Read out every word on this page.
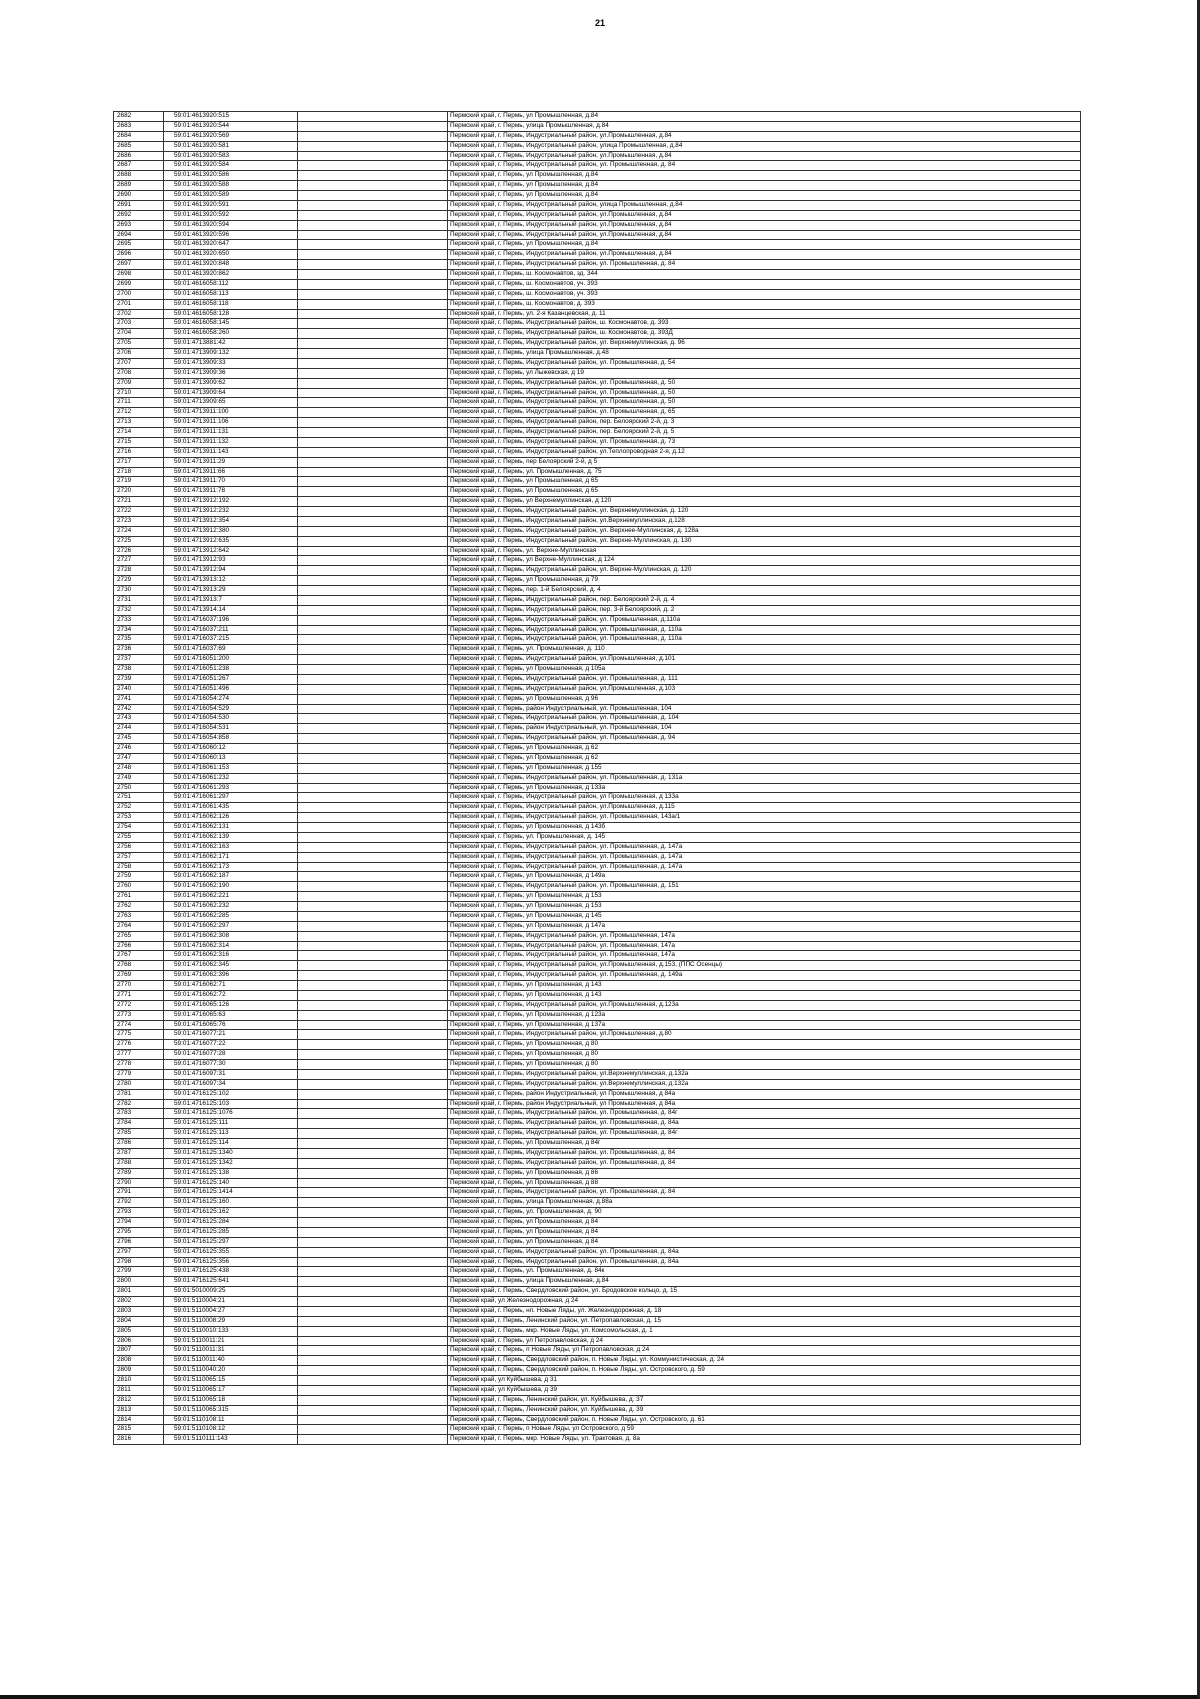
21
2682	59:01:4613920:515		Пермский край, г. Пермь, ул Промышленная, д.84
2683	59:01:4613920:544		Пермский край, г. Пермь, улица Промышленная, д.84
2684	59:01:4613920:569		Пермский край, г. Пермь, Индустриальный район, ул.Промышленная, д.84
2685	59:01:4613920:581		Пермский край, г. Пермь, Индустриальный район, улица Промышленная, д.84
2686	59:01:4613920:583		Пермский край, г. Пермь, Индустриальный район, ул.Промышленная, д.84
2687	59:01:4613920:584		Пермский край, г. Пермь, Индустриальный район, ул. Промышленная, д. 84
2688	59:01:4613920:586		Пермский край, г. Пермь, ул Промышленная, д.84
2689	59:01:4613920:588		Пермский край, г. Пермь, ул Промышленная, д.84
2690	59:01:4613920:589		Пермский край, г. Пермь, ул Промышленная, д.84
2691	59:01:4613920:591		Пермский край, г. Пермь, Индустриальный район, улица Промышленная, д.84
2692	59:01:4613920:592		Пермский край, г. Пермь, Индустриальный район, ул.Промышленная, д.84
2693	59:01:4613920:594		Пермский край, г. Пермь, Индустриальный район, ул.Промышленная, д.84
2694	59:01:4613920:596		Пермский край, г. Пермь, Индустриальный район, ул.Промышленная, д.84
2695	59:01:4613920:647		Пермский край, г. Пермь, ул Промышленная, д.84
2696	59:01:4613920:650		Пермский край, г. Пермь, Индустриальный район, ул.Промышленная, д.84
2697	59:01:4613920:848		Пермский край, г. Пермь, Индустриальный район, ул. Промышленная, д. 84
2698	59:01:4613920:862		Пермский край, г. Пермь, ш. Космонавтов, зд. 344
2699	59:01:4616058:112		Пермский край, г. Пермь, ш. Космонавтов, уч. 393
2700	59:01:4616058:113		Пермский край, г. Пермь, ш. Космонавтов, уч. 393
2701	59:01:4616058:118		Пермский край, г. Пермь, ш. Космонавтов, д. 393
2702	59:01:4616058:128		Пермский край, г. Пермь, ул. 2-я Казанцевская, д. 11
2703	59:01:4616058:145		Пермский край, г. Пермь, Индустриальный район, ш. Космонавтов, д. 393
2704	59:01:4616058:260		Пермский край, г. Пермь, Индустриальный район, ш. Космонавтов, д. 393Д
2705	59:01:4713881:42		Пермский край, г. Пермь, Индустриальный район, ул. Верхнемуллинская, д. 96
2706	59:01:4713909:132		Пермский край, г. Пермь, улица Промышленная, д.48
2707	59:01:4713909:33		Пермский край, г. Пермь, Индустриальный район, ул. Промышленная, д. 54
2708	59:01:4713909:36		Пермский край, г. Пермь, ул Лыжевская, д 19
2709	59:01:4713909:62		Пермский край, г. Пермь, Индустриальный район, ул. Промышленная, д. 50
2710	59:01:4713909:64		Пермский край, г. Пермь, Индустриальный район, ул. Промышленная, д. 50
2711	59:01:4713909:65		Пермский край, г. Пермь, Индустриальный район, ул. Промышленная, д. 50
2712	59:01:4713911:100		Пермский край, г. Пермь, Индустриальный район, ул. Промышленная, д. 65
2713	59:01:4713911:106		Пермский край, г. Пермь, Индустриальный район, пер. Белоярский 2-й, д. 3
2714	59:01:4713911:131		Пермский край, г. Пермь, Индустриальный район, пер. Белоярский 2-й, д. 5
2715	59:01:4713911:132		Пермский край, г. Пермь, Индустриальный район, ул. Промышленная, д. 73
2716	59:01:4713911:143		Пермский край, г. Пермь, Индустриальный район, ул.Теплопроводная 2-я, д.12
2717	59:01:4713911:29		Пермский край, г. Пермь, пер Белоярский 2-й, д 5
2718	59:01:4713911:66		Пермский край, г. Пермь, ул. Промышленная, д. 75
2719	59:01:4713911:70		Пермский край, г. Пермь, ул Промышленная, д 65
2720	59:01:4713911:78		Пермский край, г. Пермь, ул Промышленная, д 65
2721	59:01:4713912:192		Пермский край, г. Пермь, ул Верхнемуллинская, д 120
2722	59:01:4713912:232		Пермский край, г. Пермь, Индустриальный район, ул. Верхнемуллинская, д. 120
2723	59:01:4713912:354		Пермский край, г. Пермь, Индустриальный район, ул.Верхнемуллинская, д.128
2724	59:01:4713912:380		Пермский край, г. Пермь, Индустриальный район, ул. Верхнее-Муллинская, д. 128а
2725	59:01:4713912:635		Пермский край, г. Пермь, Индустриальный район, ул. Верхне-Муллинская, д. 130
2726	59:01:4713912:642		Пермский край, г. Пермь, ул. Верхне-Муллинская
2727	59:01:4713912:93		Пермский край, г. Пермь, ул Верхне-Муллинская, д 124
2728	59:01:4713912:94		Пермский край, г. Пермь, Индустриальный район, ул. Верхне-Муллинская, д. 120
2729	59:01:4713913:12		Пермский край, г. Пермь, ул Промышленная, д 79
2730	59:01:4713913:29		Пермский край, г. Пермь, пер. 1-й Белоярский, д. 4
2731	59:01:4713913:7		Пермский край, г. Пермь, Индустриальный район, пер. Белоярский 2-й, д. 4
2732	59:01:4713914:14		Пермский край, г. Пермь, Индустриальный район, пер. 3-й Белоярский, д. 2
2733	59:01:4716037:196		Пермский край, г. Пермь, Индустриальный район, ул. Промышленная, д.110а
2734	59:01:4716037:211		Пермский край, г. Пермь, Индустриальный район, ул. Промышленная, д. 110а
2735	59:01:4716037:215		Пермский край, г. Пермь, Индустриальный район, ул. Промышленная, д. 110а
2736	59:01:4716037:69		Пермский край, г. Пермь, ул. Промышленная, д. 110
2737	59:01:4716051:200		Пермский край, г. Пермь, Индустриальный район, ул.Промышленная, д.101
2738	59:01:4716051:238		Пермский край, г. Пермь, ул Промышленная, д 105а
2739	59:01:4716051:267		Пермский край, г. Пермь, Индустриальный район, ул. Промышленная, д. 111
2740	59:01:4716051:496		Пермский край, г. Пермь, Индустриальный район, ул.Промышленная, д.103
2741	59:01:4716054:274		Пермский край, г. Пермь, ул Промышленная, д 96
2742	59:01:4716054:529		Пермский край, г. Пермь, район Индустриальный, ул. Промышленная, 104
2743	59:01:4716054:530		Пермский край, г. Пермь, Индустриальный район, ул. Промышленная, д. 104
2744	59:01:4716054:531		Пермский край, г. Пермь, район Индустриальный, ул. Промышленная, 104
2745	59:01:4716054:858		Пермский край, г. Пермь, Индустриальный район, ул. Промышленная, д. 94
2746	59:01:4716060:12		Пермский край, г. Пермь, ул Промышленная, д 62
2747	59:01:4716060:13		Пермский край, г. Пермь, ул Промышленная, д 62
2748	59:01:4716061:153		Пермский край, г. Пермь, ул Промышленная, д 155
2749	59:01:4716061:232		Пермский край, г. Пермь, Индустриальный район, ул. Промышленная, д. 131а
2750	59:01:4716061:293		Пермский край, г. Пермь, ул Промышленная, д 133а
2751	59:01:4716061:297		Пермский край, г. Пермь, Индустриальный район, ул Промышленная, д 133а
2752	59:01:4716061:435		Пермский край, г. Пермь, Индустриальный район, ул.Промышленная, д.115
2753	59:01:4716062:126		Пермский край, г. Пермь, Индустриальный район, ул. Промышленная, 143а/1
2754	59:01:4716062:131		Пермский край, г. Пермь, ул Промышленная, д 143б
2755	59:01:4716062:139		Пермский край, г. Пермь, ул. Промышленная, д. 145
2756	59:01:4716062:163		Пермский край, г. Пермь, Индустриальный район, ул. Промышленная, д. 147а
2757	59:01:4716062:171		Пермский край, г. Пермь, Индустриальный район, ул. Промышленная, д. 147а
2758	59:01:4716062:173		Пермский край, г. Пермь, Индустриальный район, ул. Промышленная, д. 147а
2759	59:01:4716062:187		Пермский край, г. Пермь, ул Промышленная, д 149а
2760	59:01:4716062:190		Пермский край, г. Пермь, Индустриальный район, ул. Промышленная, д. 151
2761	59:01:4716062:221		Пермский край, г. Пермь, ул Промышленная, д 153
2762	59:01:4716062:232		Пермский край, г. Пермь, ул Промышленная, д 153
2763	59:01:4716062:285		Пермский край, г. Пермь, ул Промышленная, д 145
2764	59:01:4716062:297		Пермский край, г. Пермь, ул Промышленная, д 147а
2765	59:01:4716062:308		Пермский край, г. Пермь, Индустриальный район, ул. Промышленная, 147а
2766	59:01:4716062:314		Пермский край, г. Пермь, Индустриальный район, ул. Промышленная, 147а
2767	59:01:4716062:316		Пермский край, г. Пермь, Индустриальный район, ул. Промышленная, 147а
2768	59:01:4716062:345		Пермский край, г. Пермь, Индустриальный район, ул.Промышленная, д.153, (ППС Осенцы)
2769	59:01:4716062:396		Пермский край, г. Пермь, Индустриальный район, ул. Промышленная, д. 149а
2770	59:01:4716062:71		Пермский край, г. Пермь, ул Промышленная, д 143
2771	59:01:4716062:72		Пермский край, г. Пермь, ул Промышленная, д 143
2772	59:01:4716065:126		Пермский край, г. Пермь, Индустриальный район, ул.Промышленная, д.123а
2773	59:01:4716065:63		Пермский край, г. Пермь, ул Промышленная, д 123а
2774	59:01:4716065:76		Пермский край, г. Пермь, ул Промышленная, д 137а
2775	59:01:4716077:21		Пермский край, г. Пермь, Индустриальный район, ул.Промышленная, д.80
2776	59:01:4716077:22		Пермский край, г. Пермь, ул Промышленная, д 80
2777	59:01:4716077:28		Пермский край, г. Пермь, ул Промышленная, д 80
2778	59:01:4716077:30		Пермский край, г. Пермь, ул Промышленная, д 80
2779	59:01:4716097:31		Пермский край, г. Пермь, Индустриальный район, ул.Верхнемуллинская, д.132а
2780	59:01:4716097:34		Пермский край, г. Пермь, Индустриальный район, ул.Верхнемуллинская, д.132а
2781	59:01:4716125:102		Пермский край, г. Пермь, район Индустриальный, ул Промышленная, д 84а
2782	59:01:4716125:103		Пермский край, г. Пермь, район Индустриальный, ул Промышленная, д 84а
2783	59:01:4716125:1076		Пермский край, г. Пермь, Индустриальный район, ул. Промышленная, д. 84г
2784	59:01:4716125:111		Пермский край, г. Пермь, Индустриальный район, ул. Промышленная, д. 84а
2785	59:01:4716125:113		Пермский край, г. Пермь, Индустриальный район, ул. Промышленная, д. 84г
2786	59:01:4716125:114		Пермский край, г. Пермь, ул Промышленная, д 84г
2787	59:01:4716125:1340		Пермский край, г. Пермь, Индустриальный район, ул. Промышленная, д. 84
2788	59:01:4716125:1342		Пермский край, г. Пермь, Индустриальный район, ул. Промышленная, д. 84
2789	59:01:4716125:138		Пермский край, г. Пермь, ул Промышленная, д 86
2790	59:01:4716125:140		Пермский край, г. Пермь, ул Промышленная, д 88
2791	59:01:4716125:1414		Пермский край, г. Пермь, Индустриальный район, ул. Промышленная, д. 84
2792	59:01:4716125:160		Пермский край, г. Пермь, улица Промышленная, д.88а
2793	59:01:4716125:162		Пермский край, г. Пермь, ул. Промышленная, д. 90
2794	59:01:4716125:284		Пермский край, г. Пермь, ул Промышленная, д 84
2795	59:01:4716125:285		Пермский край, г. Пермь, ул Промышленная, д 84
2796	59:01:4716125:297		Пермский край, г. Пермь, ул Промышленная, д 84
2797	59:01:4716125:355		Пермский край, г. Пермь, Индустриальный район, ул. Промышленная, д. 84а
2798	59:01:4716125:356		Пермский край, г. Пермь, Индустриальный район, ул. Промышленная, д. 84а
2799	59:01:4716125:438		Пермский край, г. Пермь, ул. Промышленная, д. 84к
2800	59:01:4716125:641		Пермский край, г. Пермь, улица Промышленная, д.84
2801	59:01:5010009:25		Пермский край, г. Пермь, Свердловский район, ул. Бродовское кольцо, д. 15
2802	59:01:5110004:21		Пермский край, ул Железнодорожная, д 24
2803	59:01:5110004:27		Пермский край, г. Пермь, нп. Новые Ляды, ул. Железнодорожная, д. 18
2804	59:01:5110008:29		Пермский край, г. Пермь, Ленинский район, ул. Петропавловская, д. 15
2805	59:01:5110010:133		Пермский край, г. Пермь, мкр. Новые Ляды, ул. Комсомольская, д. 1
2806	59:01:5110011:21		Пермский край, г. Пермь, ул Петропавловская, д 24
2807	59:01:5110011:31		Пермский край, г. Пермь, п Новые Ляды, ул Петропавловская, д 24
2808	59:01:5110011:40		Пермский край, г. Пермь, Свердловский район, п. Новые Ляды, ул. Коммунистическая, д. 24
2809	59:01:5110040:20		Пермский край, г. Пермь, Свердловский район, п. Новые Ляды, ул. Островского, д. 59
2810	59:01:5110065:15		Пермский край, ул Куйбышева, д 31
2811	59:01:5110065:17		Пермский край, ул Куйбышева, д 39
2812	59:01:5110065:18		Пермский край, г. Пермь, Ленинский район, ул. Куйбышева, д. 37
2813	59:01:5110065:315		Пермский край, г. Пермь, Ленинский район, ул. Куйбышева, д. 39
2814	59:01:5110108:11		Пермский край, г. Пермь, Свердловский район, п. Новые Ляды, ул. Островского, д. 61
2815	59:01:5110108:12		Пермский край, г. Пермь, п Новые Ляды, ул Островского, д 59
2816	59:01:5110111:143		Пермский край, г. Пермь, мкр. Новые Ляды, ул. Трактовая, д. 8а
